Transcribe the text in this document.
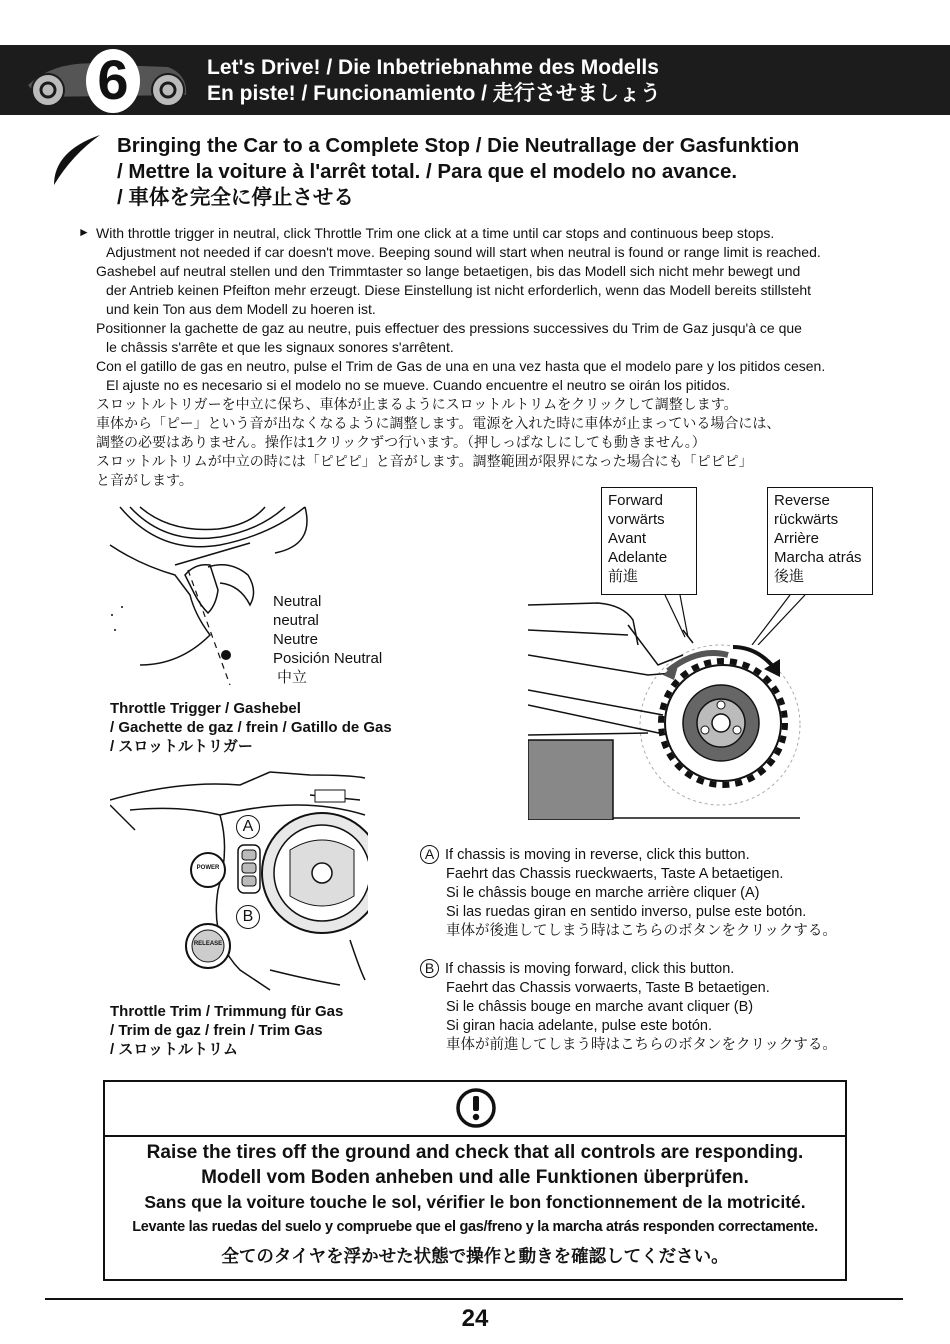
6	Let's Drive! / Die Inbetriebnahme des Modells
En piste! / Funcionamiento / 走行させましょう
Bringing the Car to a Complete Stop / Die Neutrallage der Gasfunktion
/ Mettre la voiture à l'arrêt total. / Para que el modelo no avance.
/ 車体を完全に停止させる
► With throttle trigger in neutral, click Throttle Trim one click at a time until car stops and continuous beep stops.

Adjustment not needed if car doesn't move. Beeping sound will start when neutral is found or range limit is reached.

Gashebel auf neutral stellen und den Trimmtaster so lange betaetigen, bis das Modell sich nicht mehr bewegt und

der Antrieb keinen Pfeifton mehr erzeugt. Diese Einstellung ist nicht erforderlich, wenn das Modell bereits stillsteht

und kein Ton aus dem Modell zu hoeren ist.

Positionner la gachette de gaz au neutre, puis effectuer des pressions successives du Trim de Gaz jusqu'à ce que

le châssis s'arrête et que les signaux sonores s'arrêtent.

Con el gatillo de gas en neutro, pulse el Trim de Gas de una en una vez hasta que el modelo pare y los pitidos cesen.

El ajuste no es necesario si el modelo no se mueve. Cuando encuentre el neutro se oirán los pitidos.

スロットルトリガーを中立に保ち、車体が止まるようにスロットルトリムをクリックして調整します。

車体から「ピー」という音が出なくなるように調整します。電源を入れた時に車体が止まっている場合には、

調整の必要はありません。操作は1クリックずつ行います。（押しっぱなしにしても動きません。）

スロットルトリムが中立の時には「ピピピ」と音がします。調整範囲が限界になった場合にも「ピピピ」

と音がします。

Neutral
neutral
Neutre
Posición Neutral
中立
Throttle Trigger / Gashebel
/ Gachette de gaz / frein / Gatillo de Gas
/ スロットルトリガー
Forward
vorwärts
Avant
Adelante
前進
Reverse
rückwärts
Arrière
Marcha atrás
後進
A
B
POWER
RELEASE
Throttle Trim / Trimmung für Gas
/ Trim de gaz / frein / Trim Gas
/ スロットルトリム
A If chassis is moving in reverse, click this button.
Faehrt das Chassis rueckwaerts, Taste A betaetigen.
Si le châssis bouge en marche arrière cliquer (A)
Si las ruedas giran en sentido inverso, pulse este botón.
車体が後進してしまう時はこちらのボタンをクリックする。
B If chassis is moving forward, click this button.
Faehrt das Chassis vorwaerts, Taste B betaetigen.
Si le châssis bouge en marche avant cliquer (B)
Si giran hacia adelante, pulse este botón.
車体が前進してしまう時はこちらのボタンをクリックする。
Raise the tires off the ground and check that all controls are responding.
Modell vom Boden anheben und alle Funktionen überprüfen.
Sans que la voiture touche le sol, vérifier le bon fonctionnement de la motricité.
Levante las ruedas del suelo y compruebe que el gas/freno y la marcha atrás responden correctamente.
全てのタイヤを浮かせた状態で操作と動きを確認してください。
24
